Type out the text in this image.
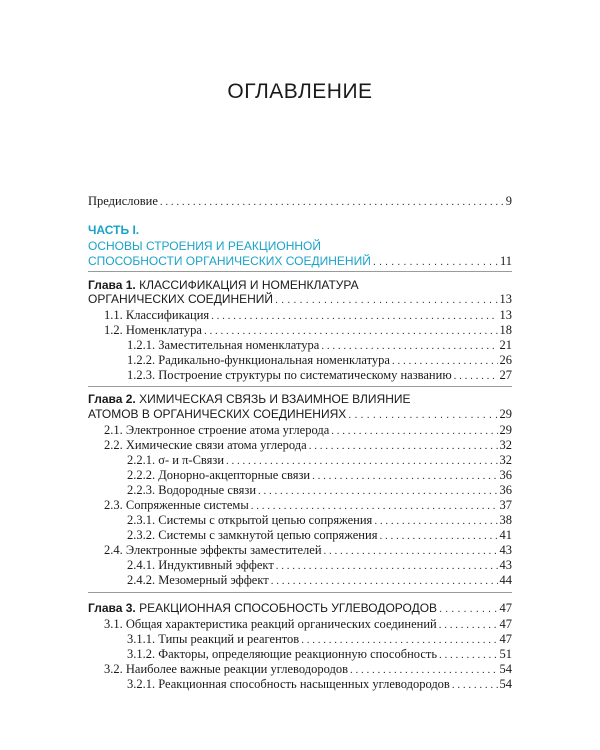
ОГЛАВЛЕНИЕ
Предисловие . . .	9
ЧАСТЬ I.
ОСНОВЫ СТРОЕНИЯ И РЕАКЦИОННОЙ
СПОСОБНОСТИ ОРГАНИЧЕСКИХ СОЕДИНЕНИЙ . . .	11
Глава 1. КЛАССИФИКАЦИЯ И НОМЕНКЛАТУРА
ОРГАНИЧЕСКИХ СОЕДИНЕНИЙ . . .	13
1.1. Классификация . . .	13
1.2. Номенклатура . . .	18
1.2.1. Заместительная номенклатура . . .	21
1.2.2. Радикально-функциональная номенклатура . . .	26
1.2.3. Построение структуры по систематическому названию . . .	27
Глава 2. ХИМИЧЕСКАЯ СВЯЗЬ И ВЗАИМНОЕ ВЛИЯНИЕ
АТОМОВ В ОРГАНИЧЕСКИХ СОЕДИНЕНИЯХ . . .	29
2.1. Электронное строение атома углерода . . .	29
2.2. Химические связи атома углерода . . .	32
2.2.1. σ- и π-Связи . . .	32
2.2.2. Донорно-акцепторные связи . . .	36
2.2.3. Водородные связи . . .	36
2.3. Сопряженные системы . . .	37
2.3.1. Системы с открытой цепью сопряжения . . .	38
2.3.2. Системы с замкнутой цепью сопряжения . . .	41
2.4. Электронные эффекты заместителей . . .	43
2.4.1. Индуктивный эффект . . .	43
2.4.2. Мезомерный эффект . . .	44
Глава 3. РЕАКЦИОННАЯ СПОСОБНОСТЬ УГЛЕВОДОРОДОВ . . .	47
3.1. Общая характеристика реакций органических соединений . . .	47
3.1.1. Типы реакций и реагентов . . .	47
3.1.2. Факторы, определяющие реакционную способность . . .	51
3.2. Наиболее важные реакции углеводородов . . .	54
3.2.1. Реакционная способность насыщенных углеводородов . . .	54
